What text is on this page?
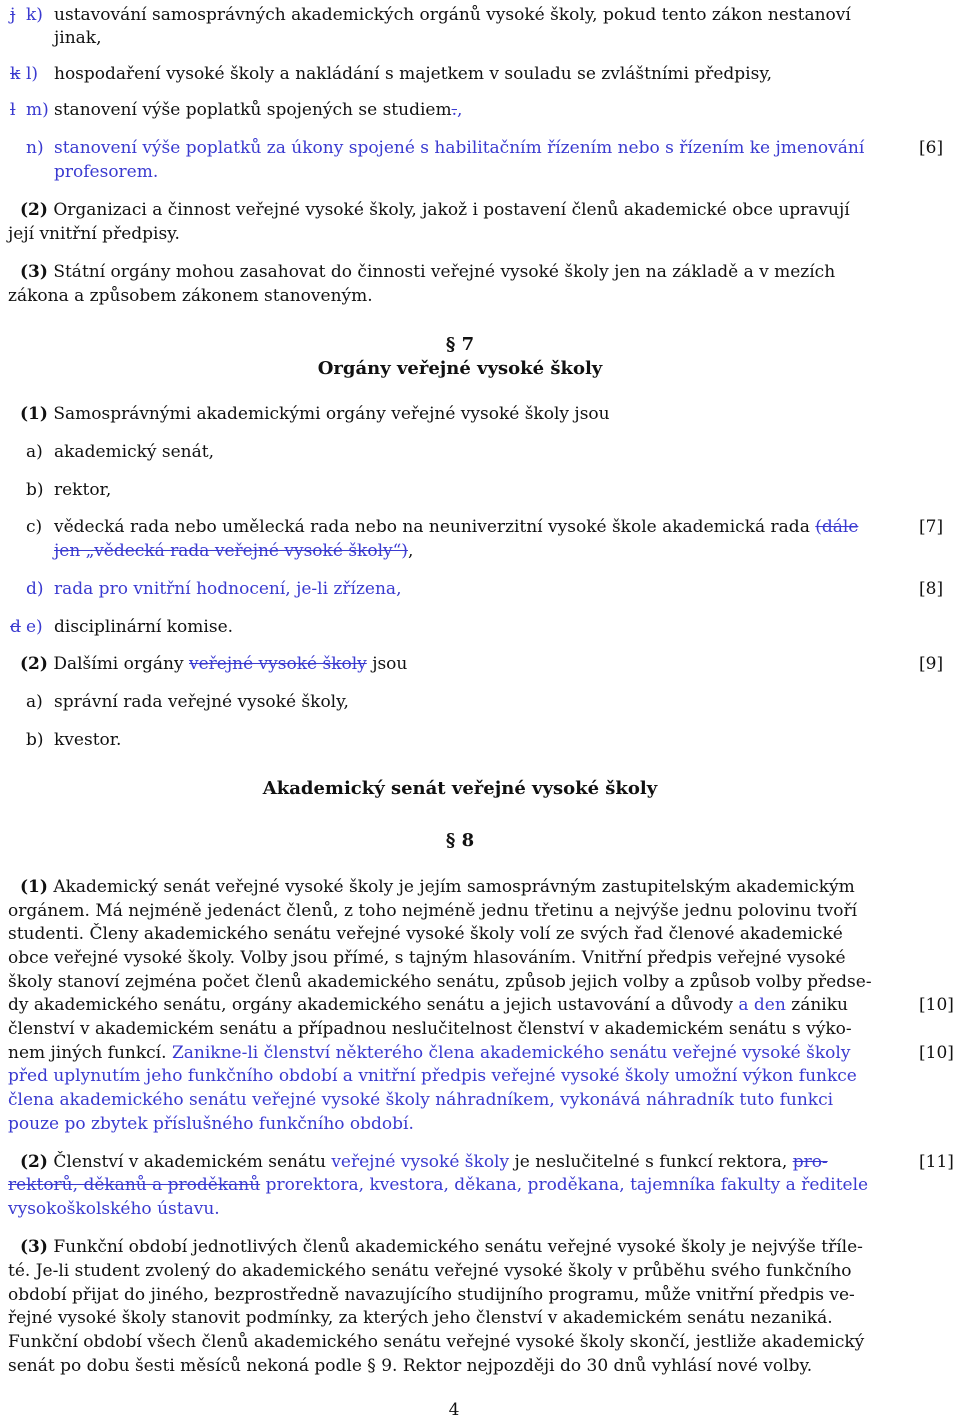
j k) ustavování samosprávných akademických orgánů vysoké školy, pokud tento zákon nestanoví
jinak,
k l) hospodaření vysoké školy a nakládání s majetkem v souladu se zvláštními předpisy,
l m) stanovení výše poplatků spojených se studiem.,
n) stanovení výše poplatků za úkony spojené s habilitačním řízením nebo s řízením ke jmenování	[6]
profesorem.
(2) Organizaci a činnost veřejné vysoké školy, jakož i postavení členů akademické obce upravují
její vnitřní předpisy.
(3) Státní orgány mohou zasahovat do činnosti veřejné vysoké školy jen na základě a v mezích
zákona a způsobem zákonem stanoveným.
§ 7
Orgány veřejné vysoké školy
(1) Samosprávnými akademickými orgány veřejné vysoké školy jsou
a) akademický senát,
b) rektor,
c) vědecká rada nebo umělecká rada nebo na neuniverzitní vysoké škole akademická rada (dále	[7]
jen „vědecká rada veřejné vysoké školy“),
d) rada pro vnitřní hodnocení, je-li zřízena,	[8]
d e) disciplinární komise.
(2) Dalšími orgány veřejné vysoké školy jsou	[9]
a) správní rada veřejné vysoké školy,
b) kvestor.
Akademický senát veřejné vysoké školy
§ 8
(1) Akademický senát veřejné vysoké školy je jejím samosprávným zastupitelským akademickým
orgánem. Má nejméně jedenáct členů, z toho nejméně jednu třetinu a nejvýše jednu polovinu tvoří
studenti. Členy akademického senátu veřejné vysoké školy volí ze svých řad členové akademické
obce veřejné vysoké školy. Volby jsou přímé, s tajným hlasováním. Vnitřní předpis veřejné vysoké
školy stanoví zejména počet členů akademického senátu, způsob jejich volby a způsob volby předse-
dy akademického senátu, orgány akademického senátu a jejich ustavování a důvody a den zániku	[10]
členství v akademickém senátu a případnou neslučitelnost členství v akademickém senátu s výko-
nem jiných funkcí. Zanikne-li členství některého člena akademického senátu veřejné vysoké školy	[10]
před uplynutím jeho funkčního období a vnitřní předpis veřejné vysoké školy umožní výkon funkce
člena akademického senátu veřejné vysoké školy náhradníkem, vykonává náhradník tuto funkci
pouze po zbytek příslušného funkčního období.
(2) Členství v akademickém senátu veřejné vysoké školy je neslučitelné s funkcí rektora, pro-	[11]
rektorů, děkanů a proděkanů prorektora, kvestora, děkana, proděkana, tajemníka fakulty a ředitele
vysokoškolského ústavu.
(3) Funkční období jednotlivých členů akademického senátu veřejné vysoké školy je nejvýše tříle-
té. Je-li student zvolený do akademického senátu veřejné vysoké školy v průběhu svého funkčního
období přijat do jiného, bezprostředně navazujícího studijního programu, může vnitřní předpis ve-
řejné vysoké školy stanovit podmínky, za kterých jeho členství v akademickém senátu nezaniká.
Funkční období všech členů akademického senátu veřejné vysoké školy skončí, jestliže akademický
senát po dobu šesti měsíců nekoná podle § 9. Rektor nejpozději do 30 dnů vyhlásí nové volby.
4
